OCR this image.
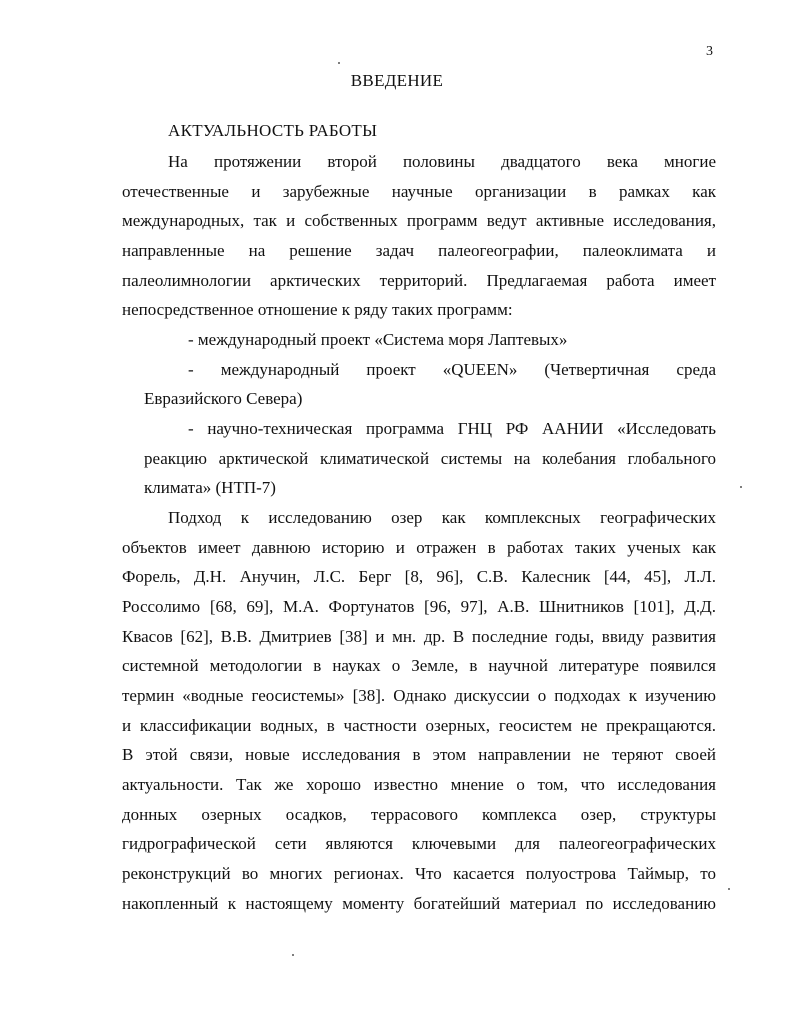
3
ВВЕДЕНИЕ
АКТУАЛЬНОСТЬ РАБОТЫ
На протяжении второй половины двадцатого века многие
отечественные и зарубежные научные организации в рамках как
международных, так и собственных программ ведут активные исследования,
направленные на решение задач палеогеографии, палеоклимата и
палеолимнологии арктических территорий. Предлагаемая работа имеет
непосредственное отношение к ряду таких программ:
- международный проект «Система моря Лаптевых»
- международный проект «QUEEN» (Четвертичная среда
Евразийского Севера)
- научно-техническая программа ГНЦ РФ ААНИИ «Исследовать
реакцию арктической климатической системы на колебания глобального
климата» (НТП-7)
Подход к исследованию озер как комплексных географических
объектов имеет давнюю историю и отражен в работах таких ученых как
Форель, Д.Н. Анучин, Л.С. Берг [8, 96], С.В. Калесник [44, 45], Л.Л.
Россолимо [68, 69], М.А. Фортунатов [96, 97], А.В. Шнитников [101], Д.Д.
Квасов [62], В.В. Дмитриев [38] и мн. др. В последние годы, ввиду развития
системной методологии в науках о Земле, в научной литературе появился
термин «водные геосистемы» [38]. Однако дискуссии о подходах к изучению
и классификации водных, в частности озерных, геосистем не прекращаются.
В этой связи, новые исследования в этом направлении не теряют своей
актуальности. Так же хорошо известно мнение о том, что исследования
донных озерных осадков, террасового комплекса озер, структуры
гидрографической сети являются ключевыми для палеогеографических
реконструкций во многих регионах. Что касается полуострова Таймыр, то
накопленный к настоящему моменту богатейший материал по исследованию
